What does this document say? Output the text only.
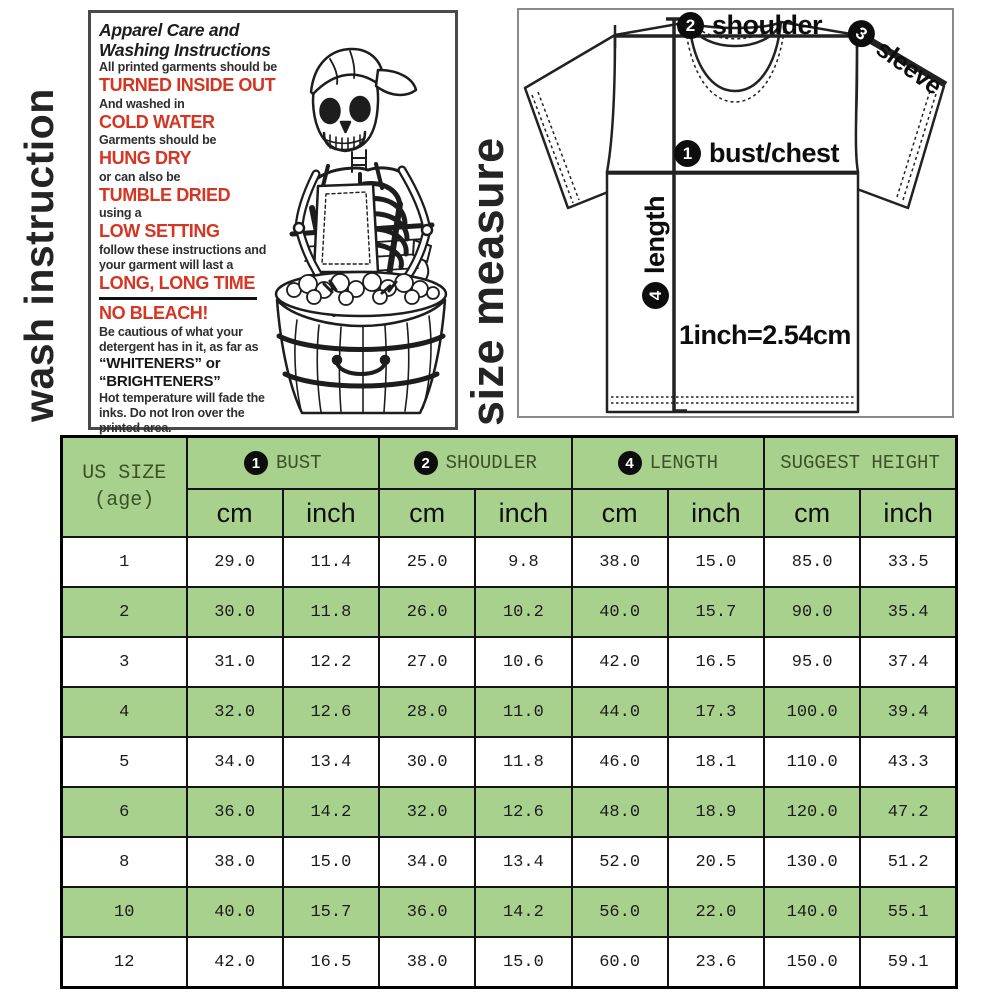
wash instruction
Apparel Care and
Washing Instructions
All printed garments should be
TURNED INSIDE OUT
And washed in
COLD WATER
Garments should be
HUNG DRY
or can also be
TUMBLE DRIED
using a
LOW SETTING
follow these instructions and
your garment will last a
LONG, LONG TIME
NO BLEACH!
Be cautious of what your
detergent has in it, as far as
“WHITENERS” or
“BRIGHTENERS”
Hot temperature will fade the
inks. Do not Iron over the
printed area.
size measure
2 shoulder	3
sleeve
1 bust/chest
4
length
1inch=2.54cm
US SIZE
(age)	1 BUST		2 SHOUDLER		4 LENGTH		SUGGEST HEIGHT	
	cm	inch	cm	inch	cm	inch	cm	inch
1	29.0	11.4	25.0	9.8	38.0	15.0	85.0	33.5
2	30.0	11.8	26.0	10.2	40.0	15.7	90.0	35.4
3	31.0	12.2	27.0	10.6	42.0	16.5	95.0	37.4
4	32.0	12.6	28.0	11.0	44.0	17.3	100.0	39.4
5	34.0	13.4	30.0	11.8	46.0	18.1	110.0	43.3
6	36.0	14.2	32.0	12.6	48.0	18.9	120.0	47.2
8	38.0	15.0	34.0	13.4	52.0	20.5	130.0	51.2
10	40.0	15.7	36.0	14.2	56.0	22.0	140.0	55.1
12	42.0	16.5	38.0	15.0	60.0	23.6	150.0	59.1
